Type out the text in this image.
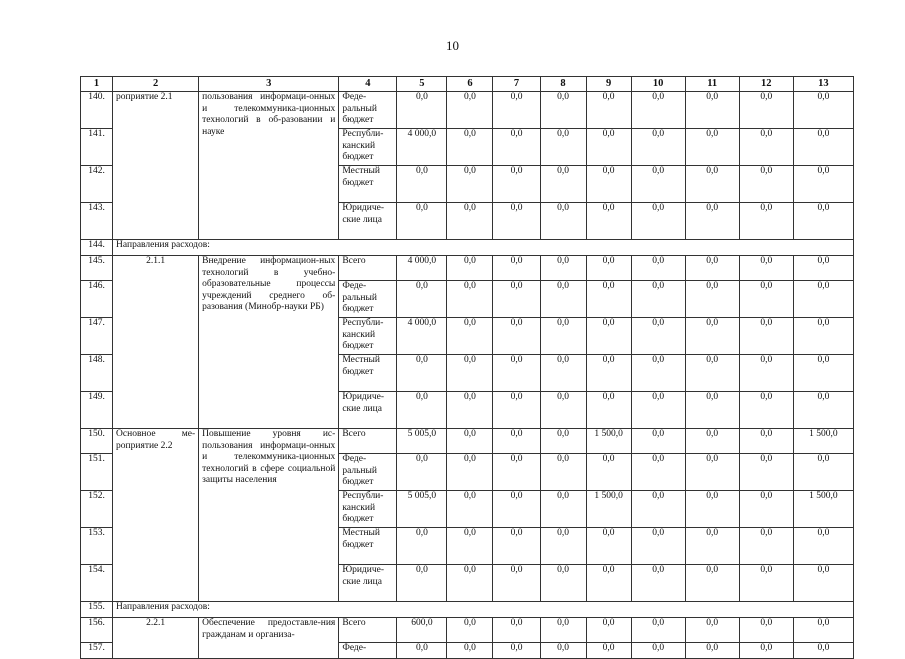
10
1	2	3	4	5	6	7	8	9	10	11	12	13
140.	роприятие 2.1	пользования информаци-онных и телекоммуника-ционных технологий в об-разовании и науке	Феде-ральный бюджет	0,0	0,0	0,0	0,0	0,0	0,0	0,0	0,0	0,0
141.			Республи-канский бюджет	4 000,0	0,0	0,0	0,0	0,0	0,0	0,0	0,0	0,0
142.			Местный бюджет	0,0	0,0	0,0	0,0	0,0	0,0	0,0	0,0	0,0
143.			Юридиче-ские лица	0,0	0,0	0,0	0,0	0,0	0,0	0,0	0,0	0,0
144.	Направления расходов:											
145.	2.1.1	Внедрение информацион-ных технологий в учебно-образовательные процессы учреждений среднего об-разования (Минобр-науки РБ)	Всего	4 000,0	0,0	0,0	0,0	0,0	0,0	0,0	0,0	0,0
146.			Феде-ральный бюджет	0,0	0,0	0,0	0,0	0,0	0,0	0,0	0,0	0,0
147.			Республи-канский бюджет	4 000,0	0,0	0,0	0,0	0,0	0,0	0,0	0,0	0,0
148.			Местный бюджет	0,0	0,0	0,0	0,0	0,0	0,0	0,0	0,0	0,0
149.			Юридиче-ские лица	0,0	0,0	0,0	0,0	0,0	0,0	0,0	0,0	0,0
150.	Основное ме-роприятие 2.2	Повышение уровня ис-пользования информаци-онных и телекоммуника-ционных технологий в сфере социальной защиты населения	Всего	5 005,0	0,0	0,0	0,0	1 500,0	0,0	0,0	0,0	1 500,0
151.			Феде-ральный бюджет	0,0	0,0	0,0	0,0	0,0	0,0	0,0	0,0	0,0
152.			Республи-канский бюджет	5 005,0	0,0	0,0	0,0	1 500,0	0,0	0,0	0,0	1 500,0
153.			Местный бюджет	0,0	0,0	0,0	0,0	0,0	0,0	0,0	0,0	0,0
154.			Юридиче-ские лица	0,0	0,0	0,0	0,0	0,0	0,0	0,0	0,0	0,0
155.	Направления расходов:											
156.	2.2.1	Обеспечение предоставле-ния гражданам и организа-	Всего	600,0	0,0	0,0	0,0	0,0	0,0	0,0	0,0	0,0
157.			Феде-	0,0	0,0	0,0	0,0	0,0	0,0	0,0	0,0	0,0
